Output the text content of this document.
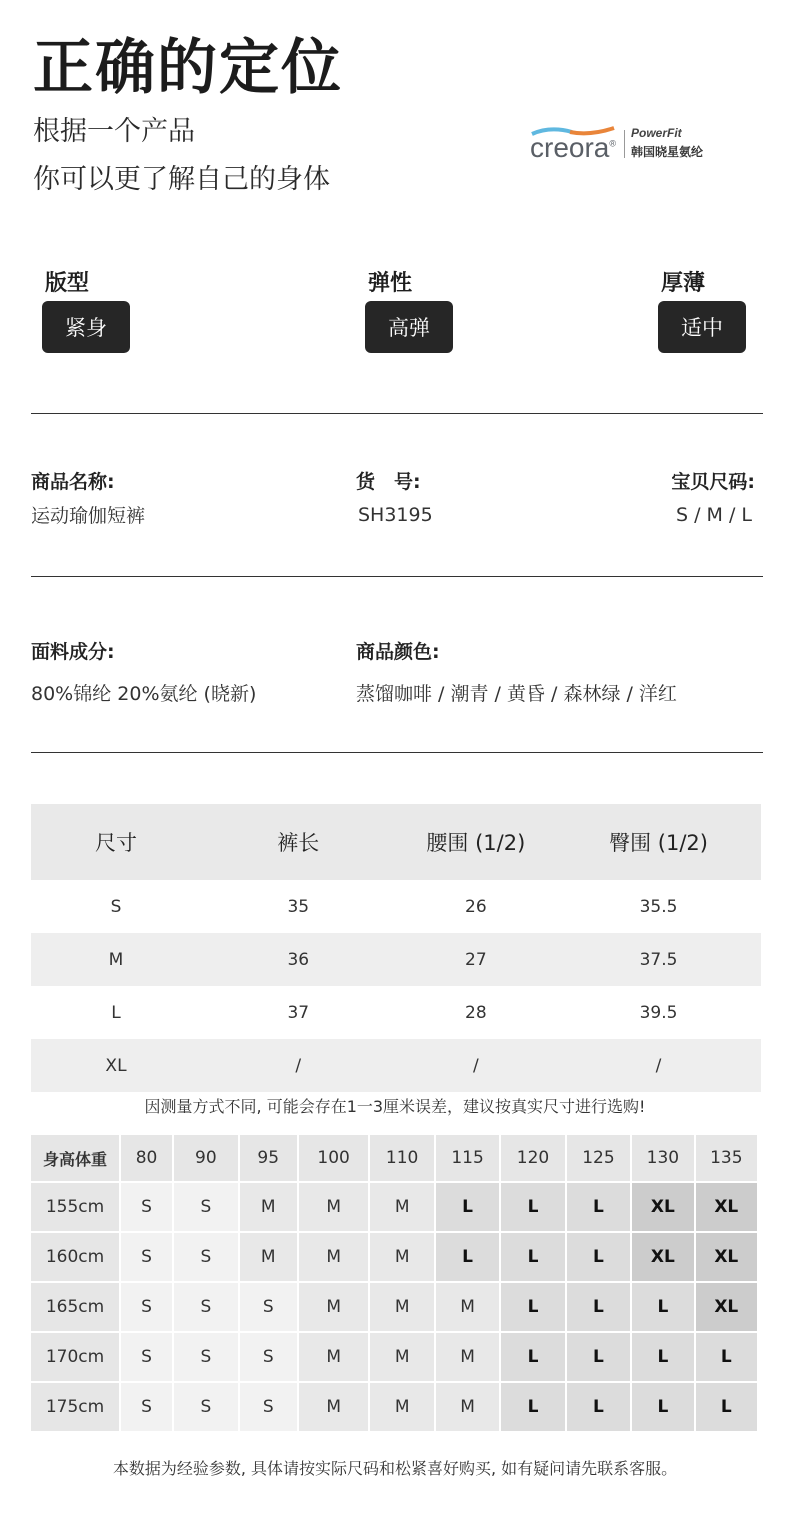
正确的定位
根据一个产品
你可以更了解自己的身体
creora®
PowerFit
韩国晓星氨纶
版型
紧身
弹性
高弹
厚薄
适中
商品名称:
运动瑜伽短裤
货　号:
SH3195
宝贝尺码:
S / M / L
面料成分:
80%锦纶 20%氨纶 (晓新)
商品颜色:
蒸馏咖啡 / 潮青 / 黄昏 / 森林绿 / 洋红
尺寸	裤长	腰围 (1/2)	臀围 (1/2)
S	35	26	35.5
M	36	27	37.5
L	37	28	39.5
XL	/	/	/
因测量方式不同, 可能会存在1一3厘米误差，建议按真实尺寸进行选购!
身高体重	80	90	95	100	110	115	120	125	130	135
155cm	S	S	M	M	M	L	L	L	XL	XL
160cm	S	S	M	M	M	L	L	L	XL	XL
165cm	S	S	S	M	M	M	L	L	L	XL
170cm	S	S	S	M	M	M	L	L	L	L
175cm	S	S	S	M	M	M	L	L	L	L
本数据为经验参数, 具体请按实际尺码和松紧喜好购买, 如有疑问请先联系客服。
